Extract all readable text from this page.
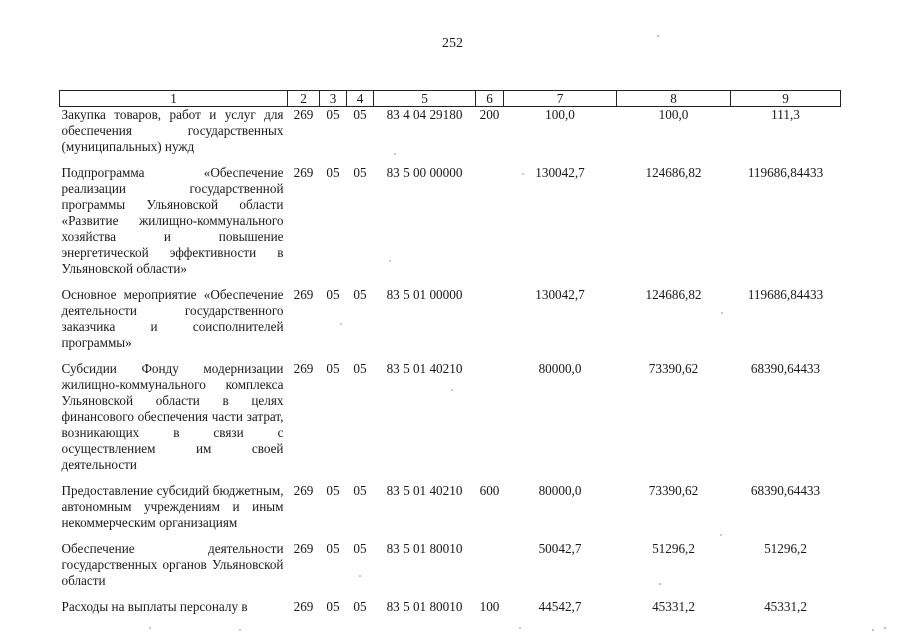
252
1	2	3	4	5	6	7	8	9
Закупка товаров, работ и услуг для обеспечения государственных (муниципальных) нужд	269	05	05	83 4 04 29180	200	100,0	100,0	111,3
Подпрограмма «Обеспечение реализации государственной программы Ульяновской области «Развитие жилищно-коммунального хозяйства и повышение энергетической эффективности в Ульяновской области»	269	05	05	83 5 00 00000		130042,7	124686,82	119686,84433
Основное мероприятие «Обеспечение деятельности государственного заказчика и соисполнителей программы»	269	05	05	83 5 01 00000		130042,7	124686,82	119686,84433
Субсидии Фонду модернизации жилищно-коммунального комплекса Ульяновской области в целях финансового обеспечения части затрат, возникающих в связи с осуществлением им своей деятельности	269	05	05	83 5 01 40210		80000,0	73390,62	68390,64433
Предоставление субсидий бюджетным, автономным учреждениям и иным некоммерческим организациям	269	05	05	83 5 01 40210	600	80000,0	73390,62	68390,64433
Обеспечение деятельности государственных органов Ульяновской области	269	05	05	83 5 01 80010		50042,7	51296,2	51296,2
Расходы на выплаты персоналу в	269	05	05	83 5 01 80010	100	44542,7	45331,2	45331,2
